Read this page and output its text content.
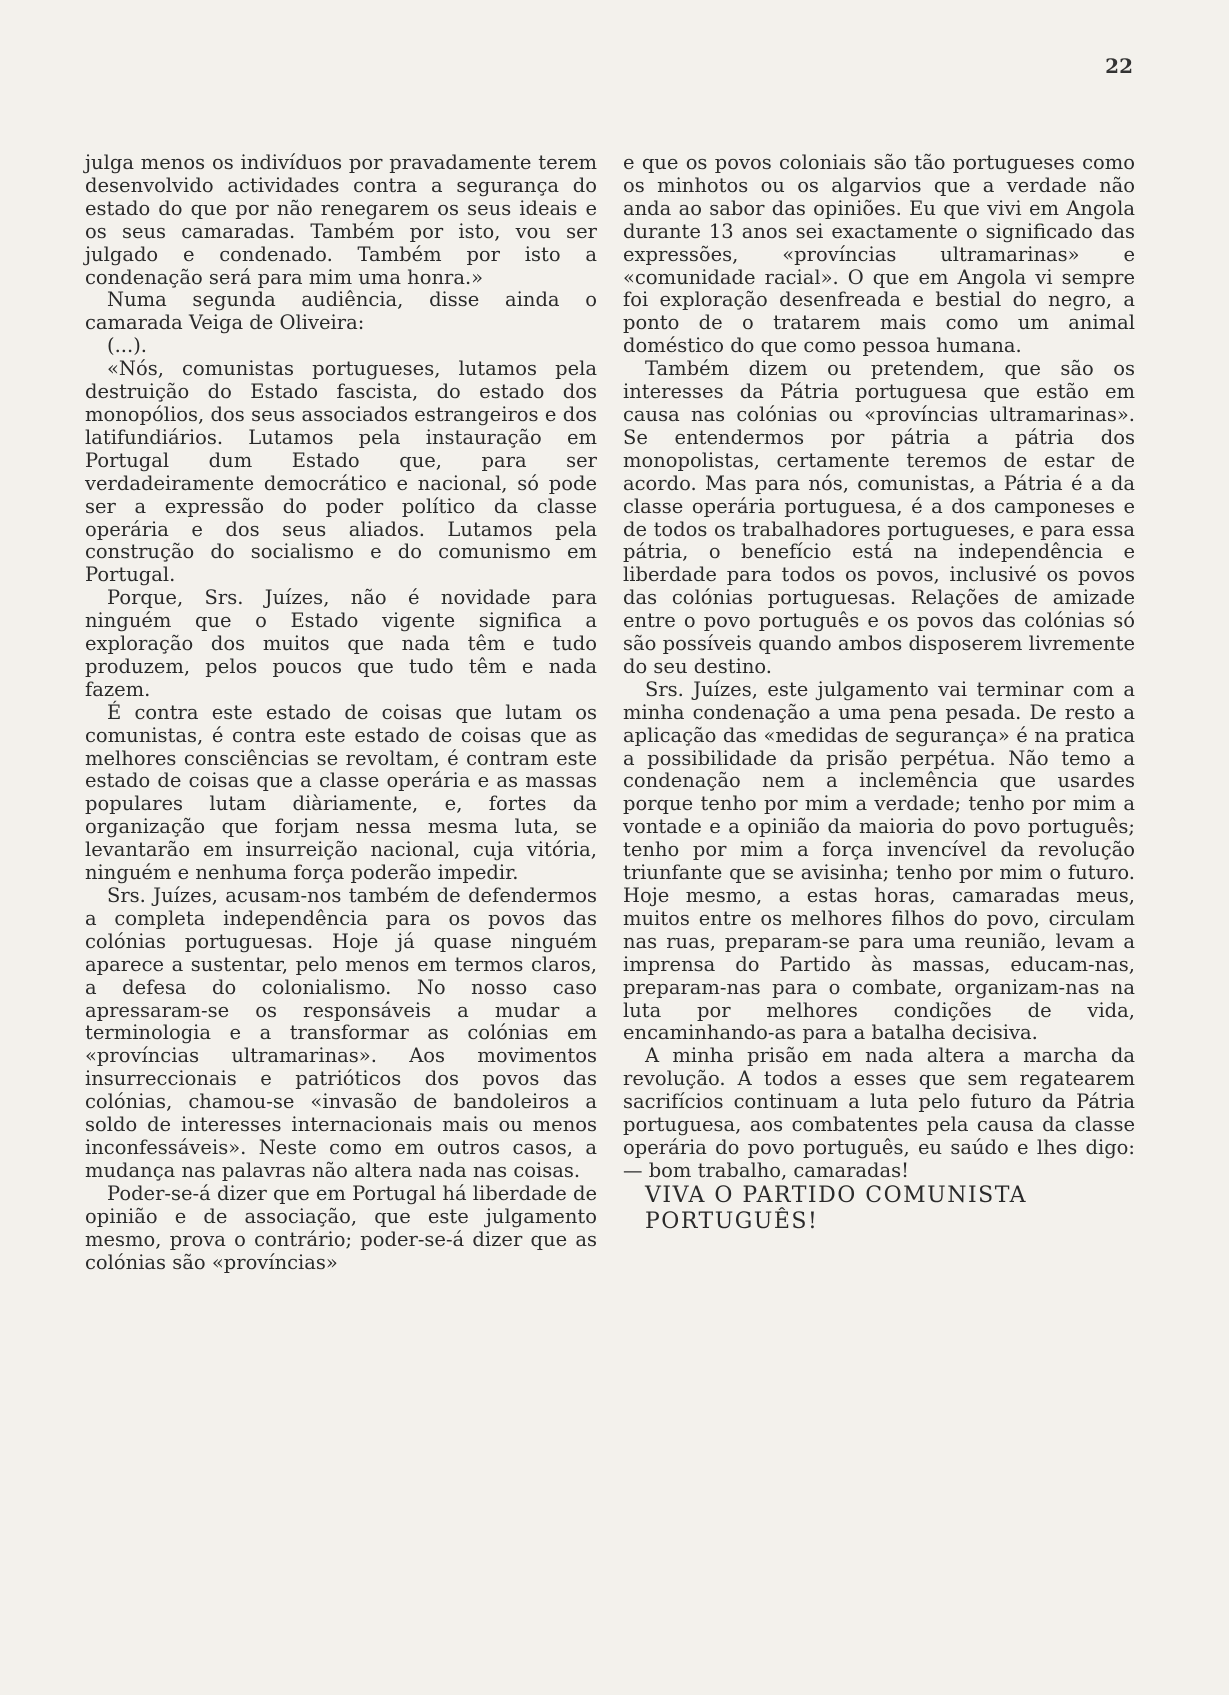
22

julga menos os indivíduos por pravadamente terem desenvolvido actividades contra a segurança do estado do que por não renegarem os seus ideais e os seus camaradas. Também por isto, vou ser julgado e condenado. Também por isto a condenação será para mim uma honra.»

Numa segunda audiência, disse ainda o camarada Veiga de Oliveira:

(...).

«Nós, comunistas portugueses, lutamos pela destruição do Estado fascista, do estado dos monopólios, dos seus associados estrangeiros e dos latifundiários. Lutamos pela instauração em Portugal dum Estado que, para ser verdadeiramente democrático e nacional, só pode ser a expressão do poder político da classe operária e dos seus aliados. Lutamos pela construção do socialismo e do comunismo em Portugal.

Porque, Srs. Juízes, não é novidade para ninguém que o Estado vigente significa a exploração dos muitos que nada têm e tudo produzem, pelos poucos que tudo têm e nada fazem.

É contra este estado de coisas que lutam os comunistas, é contra este estado de coisas que as melhores consciências se revoltam, é contram este estado de coisas que a classe operária e as massas populares lutam diàriamente, e, fortes da organização que forjam nessa mesma luta, se levantarão em insurreição nacional, cuja vitória, ninguém e nenhuma força poderão impedir.

Srs. Juízes, acusam-nos também de defendermos a completa independência para os povos das colónias portuguesas. Hoje já quase ninguém aparece a sustentar, pelo menos em termos claros, a defesa do colonialismo. No nosso caso apressaram-se os responsáveis a mudar a terminologia e a transformar as colónias em «províncias ultramarinas». Aos movimentos insurreccionais e patrióticos dos povos das colónias, chamou-se «invasão de bandoleiros a soldo de interesses internacionais mais ou menos inconfessáveis». Neste como em outros casos, a mudança nas palavras não altera nada nas coisas.

Poder-se-á dizer que em Portugal há liberdade de opinião e de associação, que este julgamento mesmo, prova o contrário; poder-se-á dizer que as colónias são «províncias»

e que os povos coloniais são tão portugueses como os minhotos ou os algarvios que a verdade não anda ao sabor das opiniões. Eu que vivi em Angola durante 13 anos sei exactamente o significado das expressões, «províncias ultramarinas» e «comunidade racial». O que em Angola vi sempre foi exploração desenfreada e bestial do negro, a ponto de o tratarem mais como um animal doméstico do que como pessoa humana.

Também dizem ou pretendem, que são os interesses da Pátria portuguesa que estão em causa nas colónias ou «províncias ultramarinas». Se entendermos por pátria a pátria dos monopolistas, certamente teremos de estar de acordo. Mas para nós, comunistas, a Pátria é a da classe operária portuguesa, é a dos camponeses e de todos os trabalhadores portugueses, e para essa pátria, o benefício está na independência e liberdade para todos os povos, inclusivé os povos das colónias portuguesas. Relações de amizade entre o povo português e os povos das colónias só são possíveis quando ambos disposerem livremente do seu destino.

Srs. Juízes, este julgamento vai terminar com a minha condenação a uma pena pesada. De resto a aplicação das «medidas de segurança» é na pratica a possibilidade da prisão perpétua. Não temo a condenação nem a inclemência que usardes porque tenho por mim a verdade; tenho por mim a vontade e a opinião da maioria do povo português; tenho por mim a força invencível da revolução triunfante que se avisinha; tenho por mim o futuro. Hoje mesmo, a estas horas, camaradas meus, muitos entre os melhores filhos do povo, circulam nas ruas, preparam-se para uma reunião, levam a imprensa do Partido às massas, educam-nas, preparam-nas para o combate, organizam-nas na luta por melhores condições de vida, encaminhando-as para a batalha decisiva.

A minha prisão em nada altera a marcha da revolução. A todos a esses que sem regatearem sacrifícios continuam a luta pelo futuro da Pátria portuguesa, aos combatentes pela causa da classe operária do povo português, eu saúdo e lhes digo: — bom trabalho, camaradas!

VIVA O PARTIDO COMUNISTA PORTUGUÊS!
